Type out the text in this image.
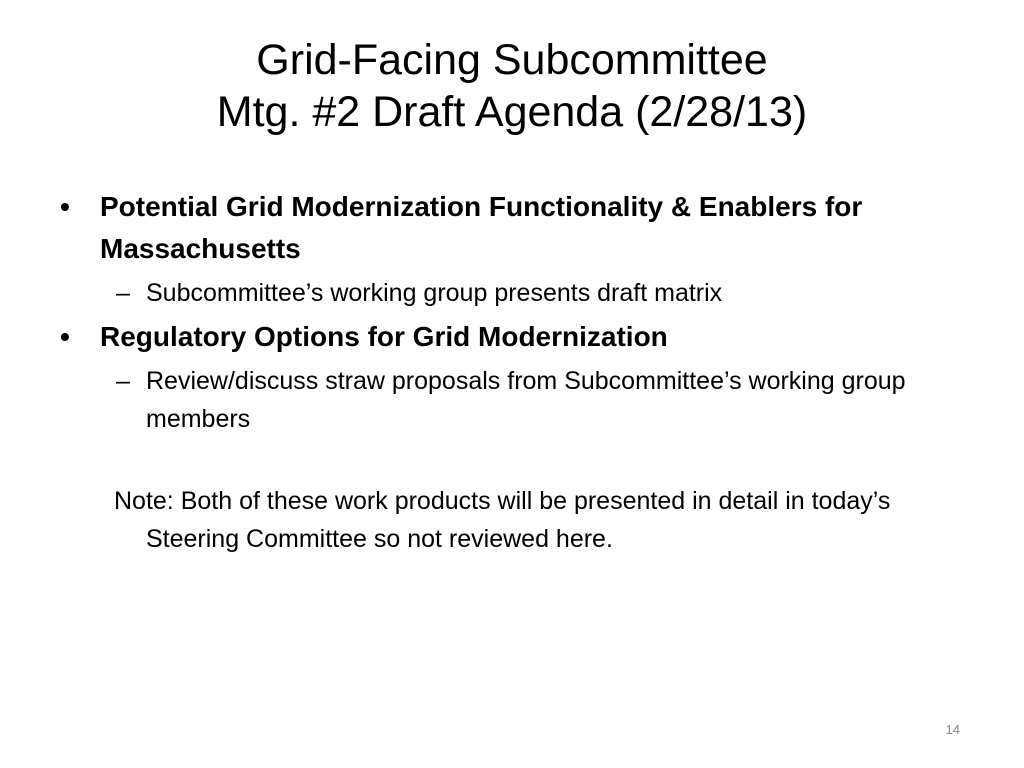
Grid-Facing Subcommittee
Mtg. #2 Draft Agenda (2/28/13)

•	Potential Grid Modernization Functionality & Enablers for Massachusetts

– Subcommittee’s working group presents draft matrix

•	Regulatory Options for Grid Modernization

– Review/discuss straw proposals from Subcommittee’s working group members

Note: Both of these work products will be presented in detail in today’s Steering Committee so not reviewed here.

14
